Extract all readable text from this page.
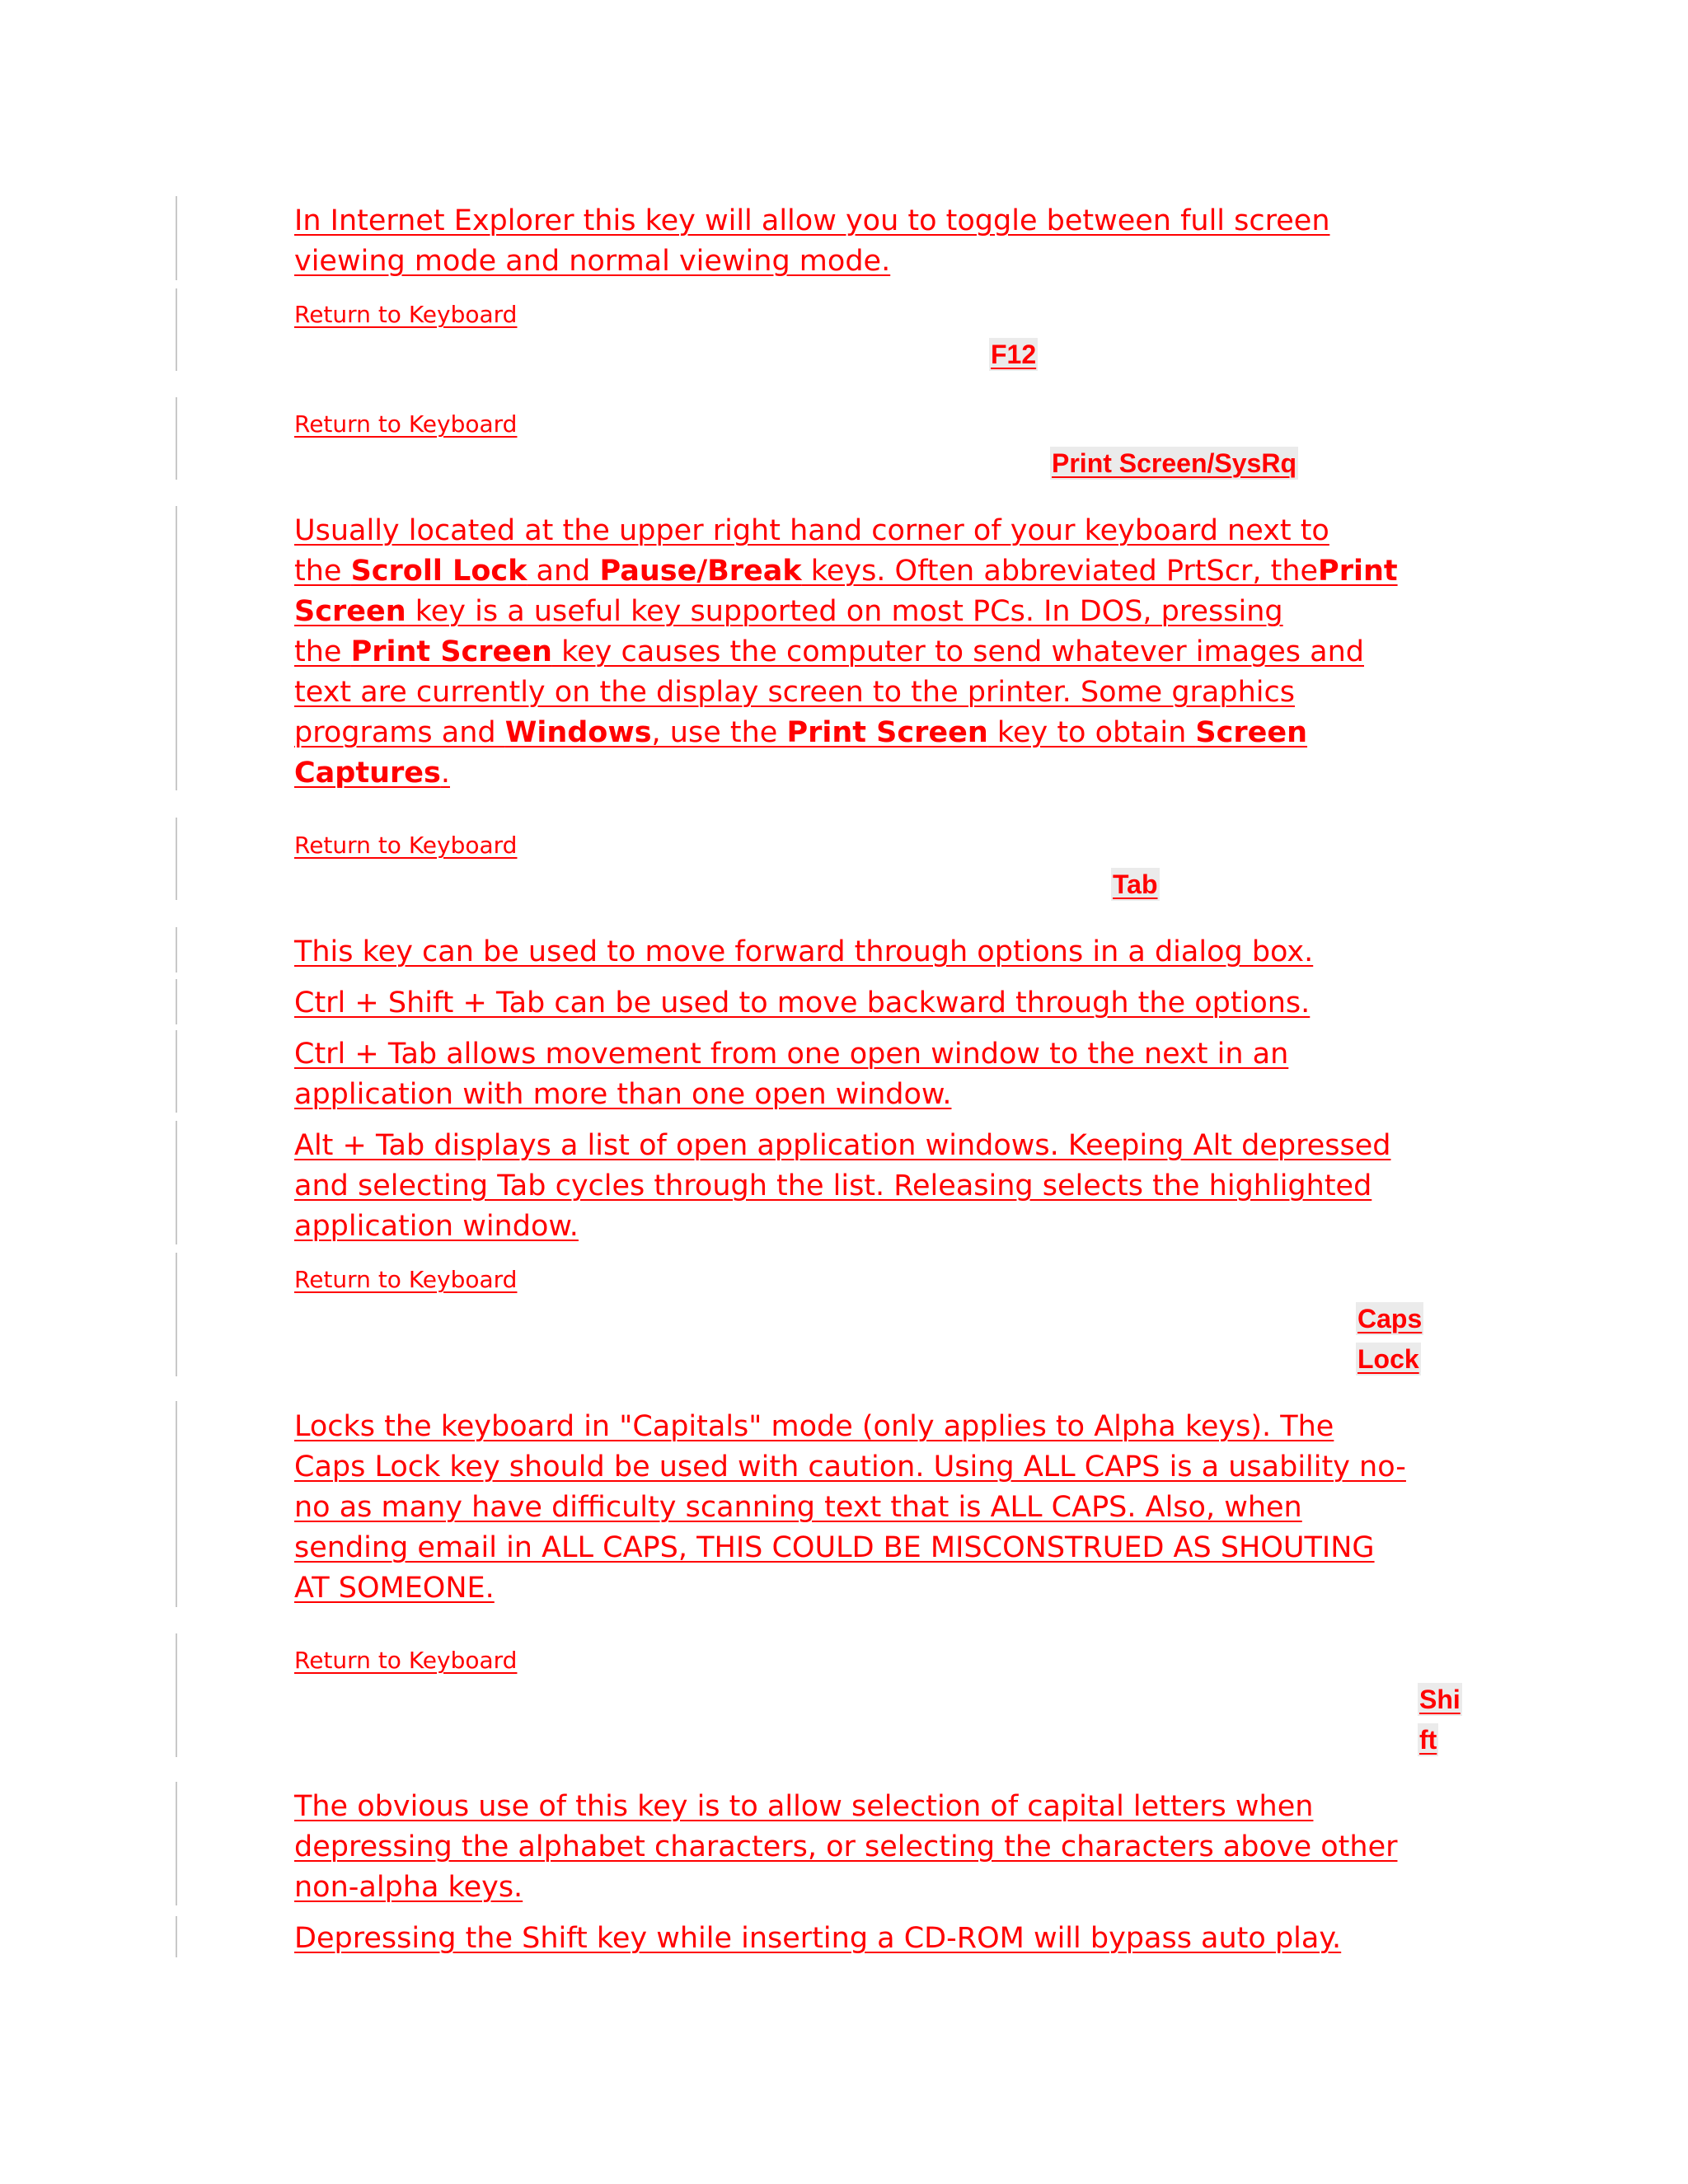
In Internet Explorer this key will allow you to toggle between full screen
viewing mode and normal viewing mode.
Return to Keyboard
F12
Return to Keyboard
Print Screen/SysRq
Usually located at the upper right hand corner of your keyboard next to
the Scroll Lock and Pause/Break keys. Often abbreviated PrtScr, thePrint
Screen key is a useful key supported on most PCs. In DOS, pressing
the Print Screen key causes the computer to send whatever images and
text are currently on the display screen to the printer. Some graphics
programs and Windows, use the Print Screen key to obtain Screen
Captures.
Return to Keyboard
Tab
This key can be used to move forward through options in a dialog box.
Ctrl + Shift + Tab can be used to move backward through the options.
Ctrl + Tab allows movement from one open window to the next in an
application with more than one open window.
Alt + Tab displays a list of open application windows. Keeping Alt depressed
and selecting Tab cycles through the list. Releasing selects the highlighted
application window.
Return to Keyboard
Caps
Lock
Locks the keyboard in "Capitals" mode (only applies to Alpha keys). The
Caps Lock key should be used with caution. Using ALL CAPS is a usability no-
no as many have difficulty scanning text that is ALL CAPS. Also, when
sending email in ALL CAPS, THIS COULD BE MISCONSTRUED AS SHOUTING
AT SOMEONE.
Return to Keyboard
Shi
ft
The obvious use of this key is to allow selection of capital letters when
depressing the alphabet characters, or selecting the characters above other
non-alpha keys.
Depressing the Shift key while inserting a CD-ROM will bypass auto play.
